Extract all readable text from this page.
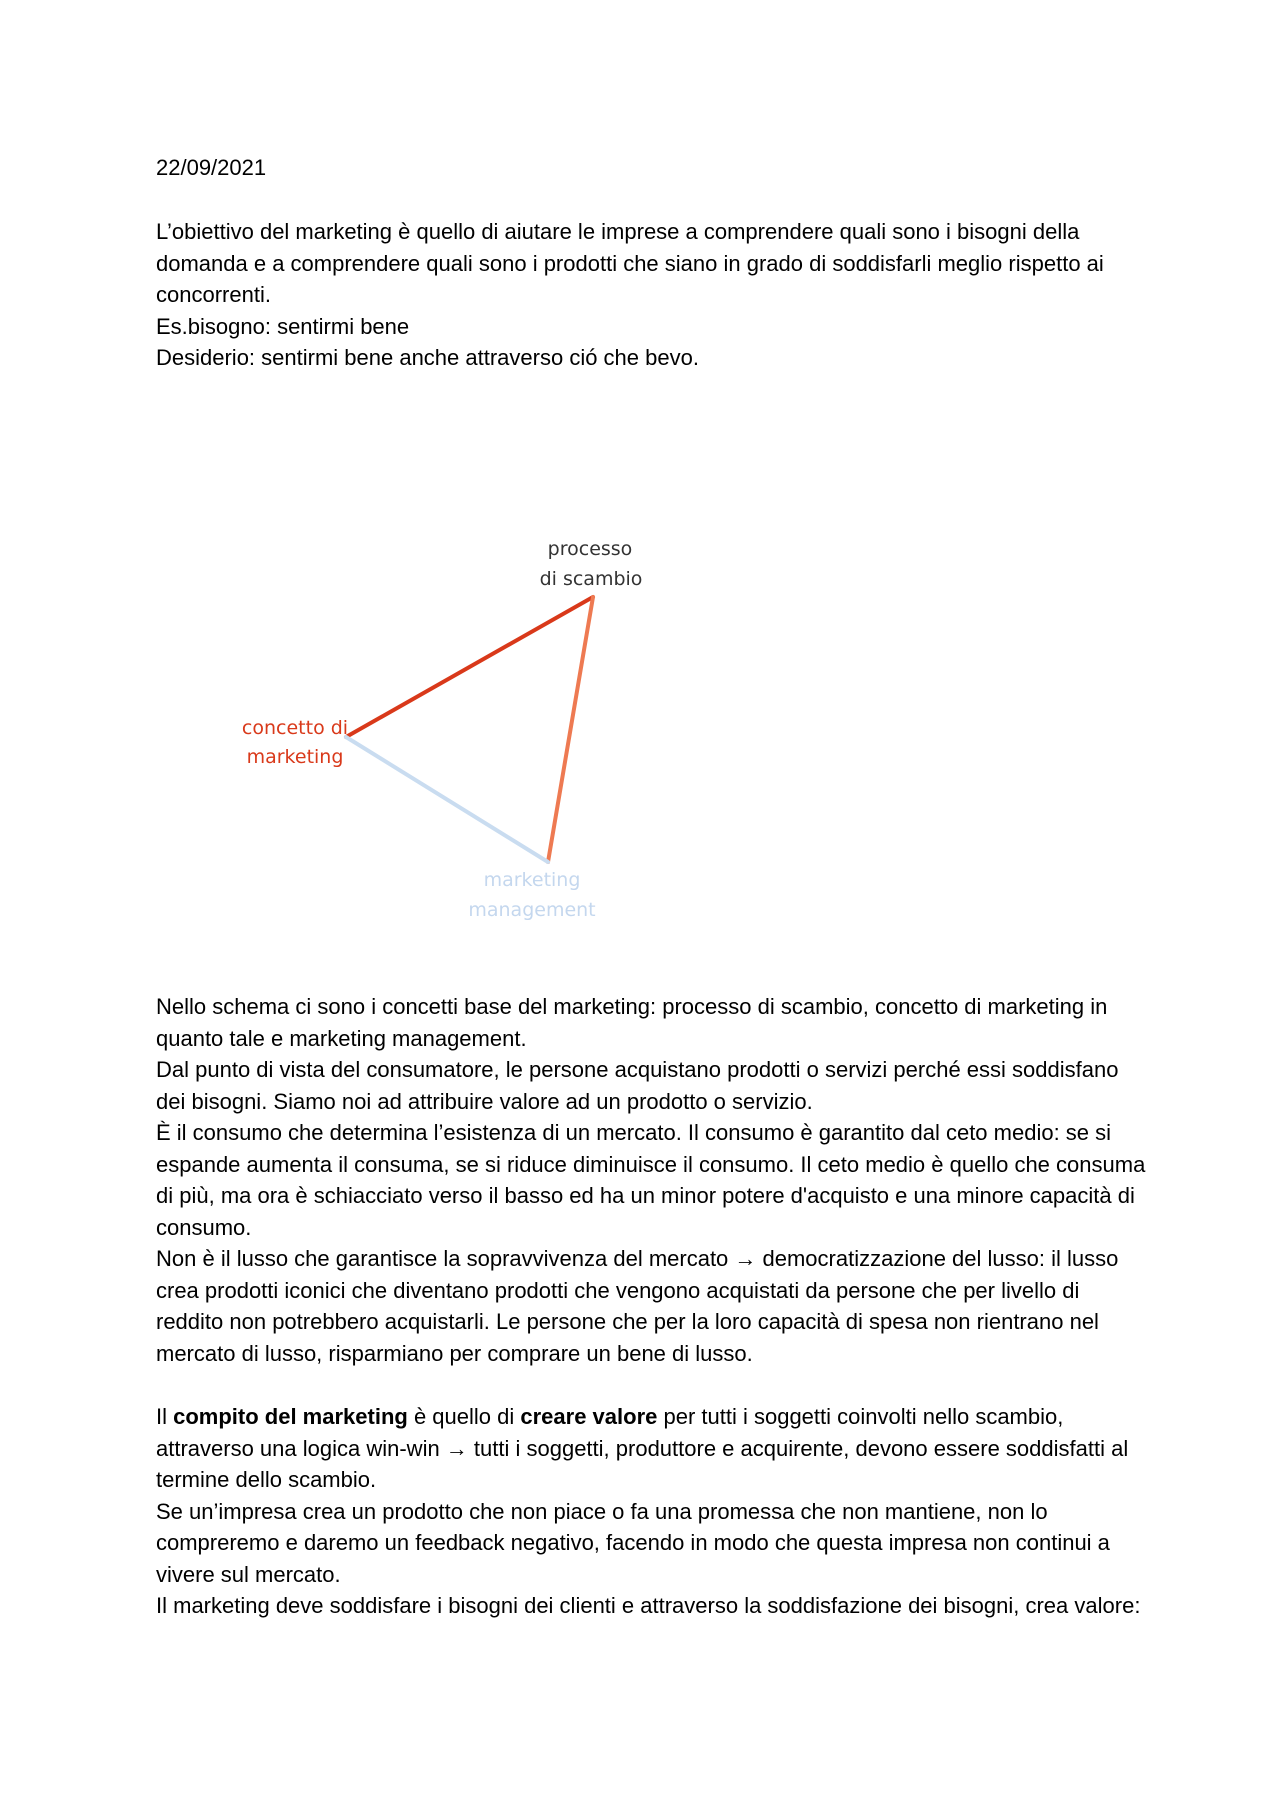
22/09/2021

L’obiettivo del marketing è quello di aiutare le imprese a comprendere quali sono i bisogni della domanda e a comprendere quali sono i prodotti che siano in grado di soddisfarli meglio rispetto ai concorrenti.

Es.bisogno: sentirmi bene

Desiderio: sentirmi bene anche attraverso ció che bevo.

processo
di scambio
concetto di
marketing
marketing
management

Nello schema ci sono i concetti base del marketing: processo di scambio, concetto di marketing in quanto tale e marketing management.

Dal punto di vista del consumatore, le persone acquistano prodotti o servizi perché essi soddisfano dei bisogni. Siamo noi ad attribuire valore ad un prodotto o servizio.

È il consumo che determina l’esistenza di un mercato. Il consumo è garantito dal ceto medio: se si espande aumenta il consuma, se si riduce diminuisce il consumo. Il ceto medio è quello che consuma di più, ma ora è schiacciato verso il basso ed ha un minor potere d'acquisto e una minore capacità di consumo.

Non è il lusso che garantisce la sopravvivenza del mercato → democratizzazione del lusso: il lusso crea prodotti iconici che diventano prodotti che vengono acquistati da persone che per livello di reddito non potrebbero acquistarli. Le persone che per la loro capacità di spesa non rientrano nel mercato di lusso, risparmiano per comprare un bene di lusso.

Il compito del marketing è quello di creare valore per tutti i soggetti coinvolti nello scambio, attraverso una logica win-win → tutti i soggetti, produttore e acquirente, devono essere soddisfatti al termine dello scambio.

Se un’impresa crea un prodotto che non piace o fa una promessa che non mantiene, non lo compreremo e daremo un feedback negativo, facendo in modo che questa impresa non continui a vivere sul mercato.

Il marketing deve soddisfare i bisogni dei clienti e attraverso la soddisfazione dei bisogni, crea valore:
